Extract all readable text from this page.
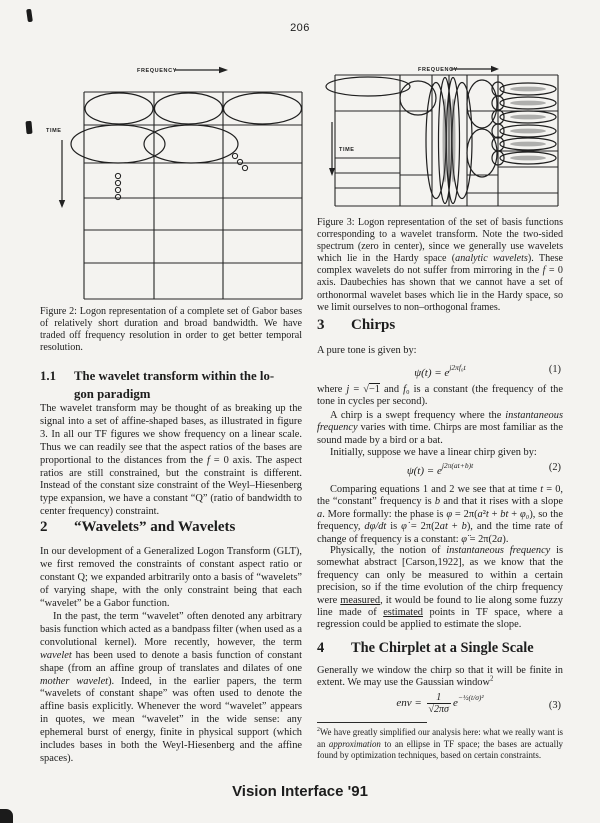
206
FREQUENCY
TIME
Figure 2: Logon representation of a complete set of Gabor bases of relatively short duration and broad bandwidth. We have traded off frequency resolution in order to get better temporal resolution.
1.1	The wavelet transform within the lo-
gon paradigm
The wavelet transform may be thought of as breaking up the signal into a set of affine-shaped bases, as illustrated in figure 3. In all our TF figures we show frequency on a linear scale. Thus we can readily see that the aspect ratios of the bases are proportional to the distances from the f = 0 axis. The aspect ratios are still constrained, but the constraint is different. Instead of the constant size constraint of the Weyl–Hiesenberg type expansion, we have a constant “Q” (ratio of bandwidth to center frequency) constraint.
2 “Wavelets” and Wavelets
In our development of a Generalized Logon Transform (GLT), we first removed the constraints of constant aspect ratio or constant Q; we expanded arbitrarily onto a basis of “wavelets” of varying shape, with the only constraint being that each “wavelet” be a Gabor function.
In the past, the term “wavelet” often denoted any arbitrary basis function which acted as a bandpass filter (when used as a convolutional kernel). More recently, however, the term wavelet has been used to denote a basis function of constant shape (from an affine group of translates and dilates of one mother wavelet). Indeed, in the earlier papers, the term “wavelets of constant shape” was often used to denote the affine basis explicitly. Whenever the word “wavelet” appears in quotes, we mean “wavelet” in the wide sense: any ephemeral burst of energy, finite in physical support (which includes bases in both the Weyl-Hiesenberg and the affine spaces).
FREQUENCY
TIME
Figure 3: Logon representation of the set of basis functions corresponding to a wavelet transform. Note the two-sided spectrum (zero in center), since we generally use wavelets which lie in the Hardy space (analytic wavelets). These complex wavelets do not suffer from mirroring in the f = 0 axis. Daubechies has shown that we cannot have a set of orthonormal wavelet bases which lie in the Hardy space, so we limit ourselves to non–orthogonal frames.
3 Chirps
A pure tone is given by:
$\psi(t) = e^{j2\pi f_0t}$	(1)
where j = √−1 and f₀ is a constant (the frequency of the tone in cycles per second).
A chirp is a swept frequency where the instantaneous frequency varies with time. Chirps are most familiar as the sound made by a bird or a bat.
Initially, suppose we have a linear chirp given by:
$\psi(t) = e^{j2\pi(at+b)t}$	(2)
Comparing equations 1 and 2 we see that at time t = 0, the “constant” frequency is b and that it rises with a slope a. More formally: the phase is φ = 2π(a²t + bt + φ₀), so the frequency, dφ/dt is φ̇ = 2π(2at + b), and the time rate of change of frequency is a constant: φ̈ = 2π(2a).
Physically, the notion of instantaneous frequency is somewhat abstract [Carson,1922], as we know that the frequency can only be measured to within a certain precision, so if the time evolution of the chirp frequency were measured, it would be found to lie along some fuzzy line made of estimated points in TF space, where a regression could be applied to estimate the slope.
4 The Chirplet at a Single Scale
Generally we window the chirp so that it will be finite in extent. We may use the Gaussian window$^2$
env = $\frac{1}{√2\pi\sigma} e^{-\frac{1}{2}(t/\sigma)^2}$
(3)
$^2$We have greatly simplified our analysis here: what we really want is an approximation to an ellipse in TF space; the bases are actually found by optimization techniques, based on certain constraints.
Vision Interface '91
